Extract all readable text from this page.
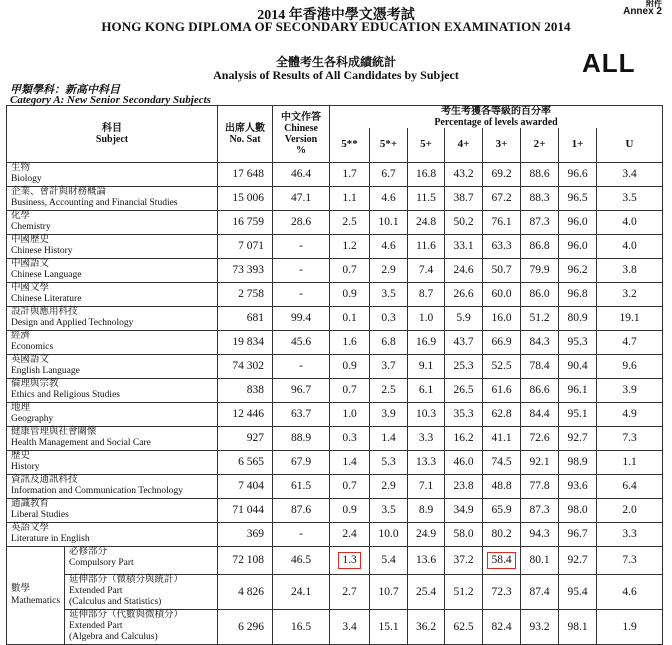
附件
Annex 2
2014 年香港中學文憑考試
HONG KONG DIPLOMA OF SECONDARY EDUCATION EXAMINATION 2014
全體考生各科成績統計
Analysis of Results of All Candidates by Subject	ALL
甲類學科：新高中科目
Category A: New Senior Secondary Subjects
科目
Subject		出席人數
No. Sat	中文作答
Chinese Version
%	考生考獲各等級的百分率
Percentage of levels awarded							

				5**	5*+	5+	4+	3+	2+	1+	U

生物
Biology		17 648	46.4	1.7	6.7	16.8	43.2	69.2	88.6	96.6	3.4

企業、會計與財務概論
Business, Accounting and Financial Studies		15 006	47.1	1.1	4.6	11.5	38.7	67.2	88.3	96.5	3.5

化學
Chemistry		16 759	28.6	2.5	10.1	24.8	50.2	76.1	87.3	96.0	4.0

中國歷史
Chinese History		7 071	-	1.2	4.6	11.6	33.1	63.3	86.8	96.0	4.0

中國語文
Chinese Language		73 393	-	0.7	2.9	7.4	24.6	50.7	79.9	96.2	3.8

中國文學
Chinese Literature		2 758	-	0.9	3.5	8.7	26.6	60.0	86.0	96.8	3.2

設計與應用科技
Design and Applied Technology		681	99.4	0.1	0.3	1.0	5.9	16.0	51.2	80.9	19.1

經濟
Economics		19 834	45.6	1.6	6.8	16.9	43.7	66.9	84.3	95.3	4.7

英國語文
English Language		74 302	-	0.9	3.7	9.1	25.3	52.5	78.4	90.4	9.6

倫理與宗教
Ethics and Religious Studies		838	96.7	0.7	2.5	6.1	26.5	61.6	86.6	96.1	3.9

地理
Geography		12 446	63.7	1.0	3.9	10.3	35.3	62.8	84.4	95.1	4.9

健康管理與社會關懷
Health Management and Social Care		927	88.9	0.3	1.4	3.3	16.2	41.1	72.6	92.7	7.3

歷史
History		6 565	67.9	1.4	5.3	13.3	46.0	74.5	92.1	98.9	1.1

資訊及通訊科技
Information and Communication Technology		7 404	61.5	0.7	2.9	7.1	23.8	48.8	77.8	93.6	6.4

通識教育
Liberal Studies		71 044	87.6	0.9	3.5	8.9	34.9	65.9	87.3	98.0	2.0

英語文學
Literature in English		369	-	2.4	10.0	24.9	58.0	80.2	94.3	96.7	3.3

數學
Mathematics	必修部分
Compulsory Part	72 108	46.5	1.3	5.4	13.6	37.2	58.4	80.1	92.7	7.3

	延伸部分（微積分與統計）
Extended Part
(Calculus and Statistics)	4 826	24.1	2.7	10.7	25.4	51.2	72.3	87.4	95.4	4.6

	延伸部分（代數與微積分）
Extended Part
(Algebra and Calculus)	6 296	16.5	3.4	15.1	36.2	62.5	82.4	93.2	98.1	1.9
